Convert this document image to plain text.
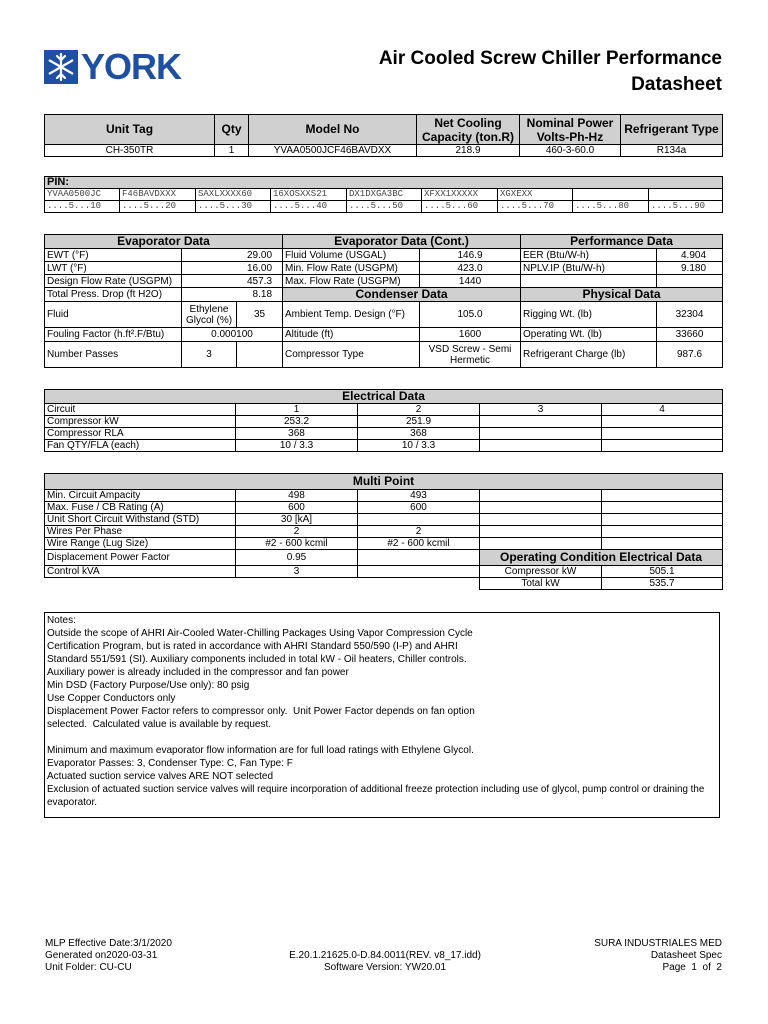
YORK	Air Cooled Screw Chiller Performance
Datasheet
Unit Tag	Qty	Model No	Net Cooling Capacity (ton.R)	Nominal Power Volts-Ph-Hz	Refrigerant Type
CH-350TR	1	YVAA0500JCF46BAVDXX	218.9	460-3-60.0	R134a
PIN:								
YVAA0500JC	F46BAVDXXX	SAXLXXXX60	16XOSXXS21	DX1DXGA3BC	XFXX1XXXXX	XGXEXX		
....5...10	....5...20	....5...30	....5...40	....5...50	....5...60	....5...70	....5...80	....5...90
Evaporator Data			Evaporator Data (Cont.)		Performance Data	
EWT (°F)	29.00		Fluid Volume (USGAL)	146.9	EER (Btu/W-h)	4.904
LWT (°F)	16.00		Min. Flow Rate (USGPM)	423.0	NPLV.IP (Btu/W-h)	9.180
Design Flow Rate (USGPM)	457.3		Max. Flow Rate (USGPM)	1440		
Total Press. Drop (ft H2O)	8.18		Condenser Data		Physical Data	
Fluid	Ethylene Glycol (%)	35	Ambient Temp. Design (°F)	105.0	Rigging Wt. (lb)	32304
Fouling Factor (h.ft².F/Btu)	0.000100		Altitude (ft)	1600	Operating Wt. (lb)	33660
Number Passes	3		Compressor Type	VSD Screw - Semi Hermetic	Refrigerant Charge (lb)	987.6
Electrical Data				
Circuit	1	2	3	4
Compressor kW	253.2	251.9		
Compressor RLA	368	368		
Fan QTY/FLA (each)	10 / 3.3	10 / 3.3		
Multi Point				
Min. Circuit Ampacity	498	493		
Max. Fuse / CB Rating (A)	600	600		
Unit Short Circuit Withstand (STD)	30 [kA]			
Wires Per Phase	2	2		
Wire Range (Lug Size)	#2 - 600 kcmil	#2 - 600 kcmil		
Displacement Power Factor	0.95		Operating Condition Electrical Data	
Control kVA	3		Compressor kW	505.1
			Total kW	535.7
Notes:
Outside the scope of AHRI Air-Cooled Water-Chilling Packages Using Vapor Compression Cycle
Certification Program, but is rated in accordance with AHRI Standard 550/590 (I-P) and AHRI
Standard 551/591 (SI). Auxiliary components included in total kW - Oil heaters, Chiller controls.
Auxiliary power is already included in the compressor and fan power
Min DSD (Factory Purpose/Use only): 80 psig
Use Copper Conductors only
Displacement Power Factor refers to compressor only.  Unit Power Factor depends on fan option
selected.  Calculated value is available by request.
Minimum and maximum evaporator flow information are for full load ratings with Ethylene Glycol.
Evaporator Passes: 3, Condenser Type: C, Fan Type: F
Actuated suction service valves ARE NOT selected
Exclusion of actuated suction service valves will require incorporation of additional freeze protection including use of glycol, pump control or draining the
evaporator.
MLP Effective Date:3/1/2020
Generated on2020-03-31
Unit Folder: CU-CU
E.20.1.21625.0-D.84.0011(REV. v8_17.idd)
Software Version: YW20.01
SURA INDUSTRIALES MED
Datasheet Spec
Page  1  of  2
